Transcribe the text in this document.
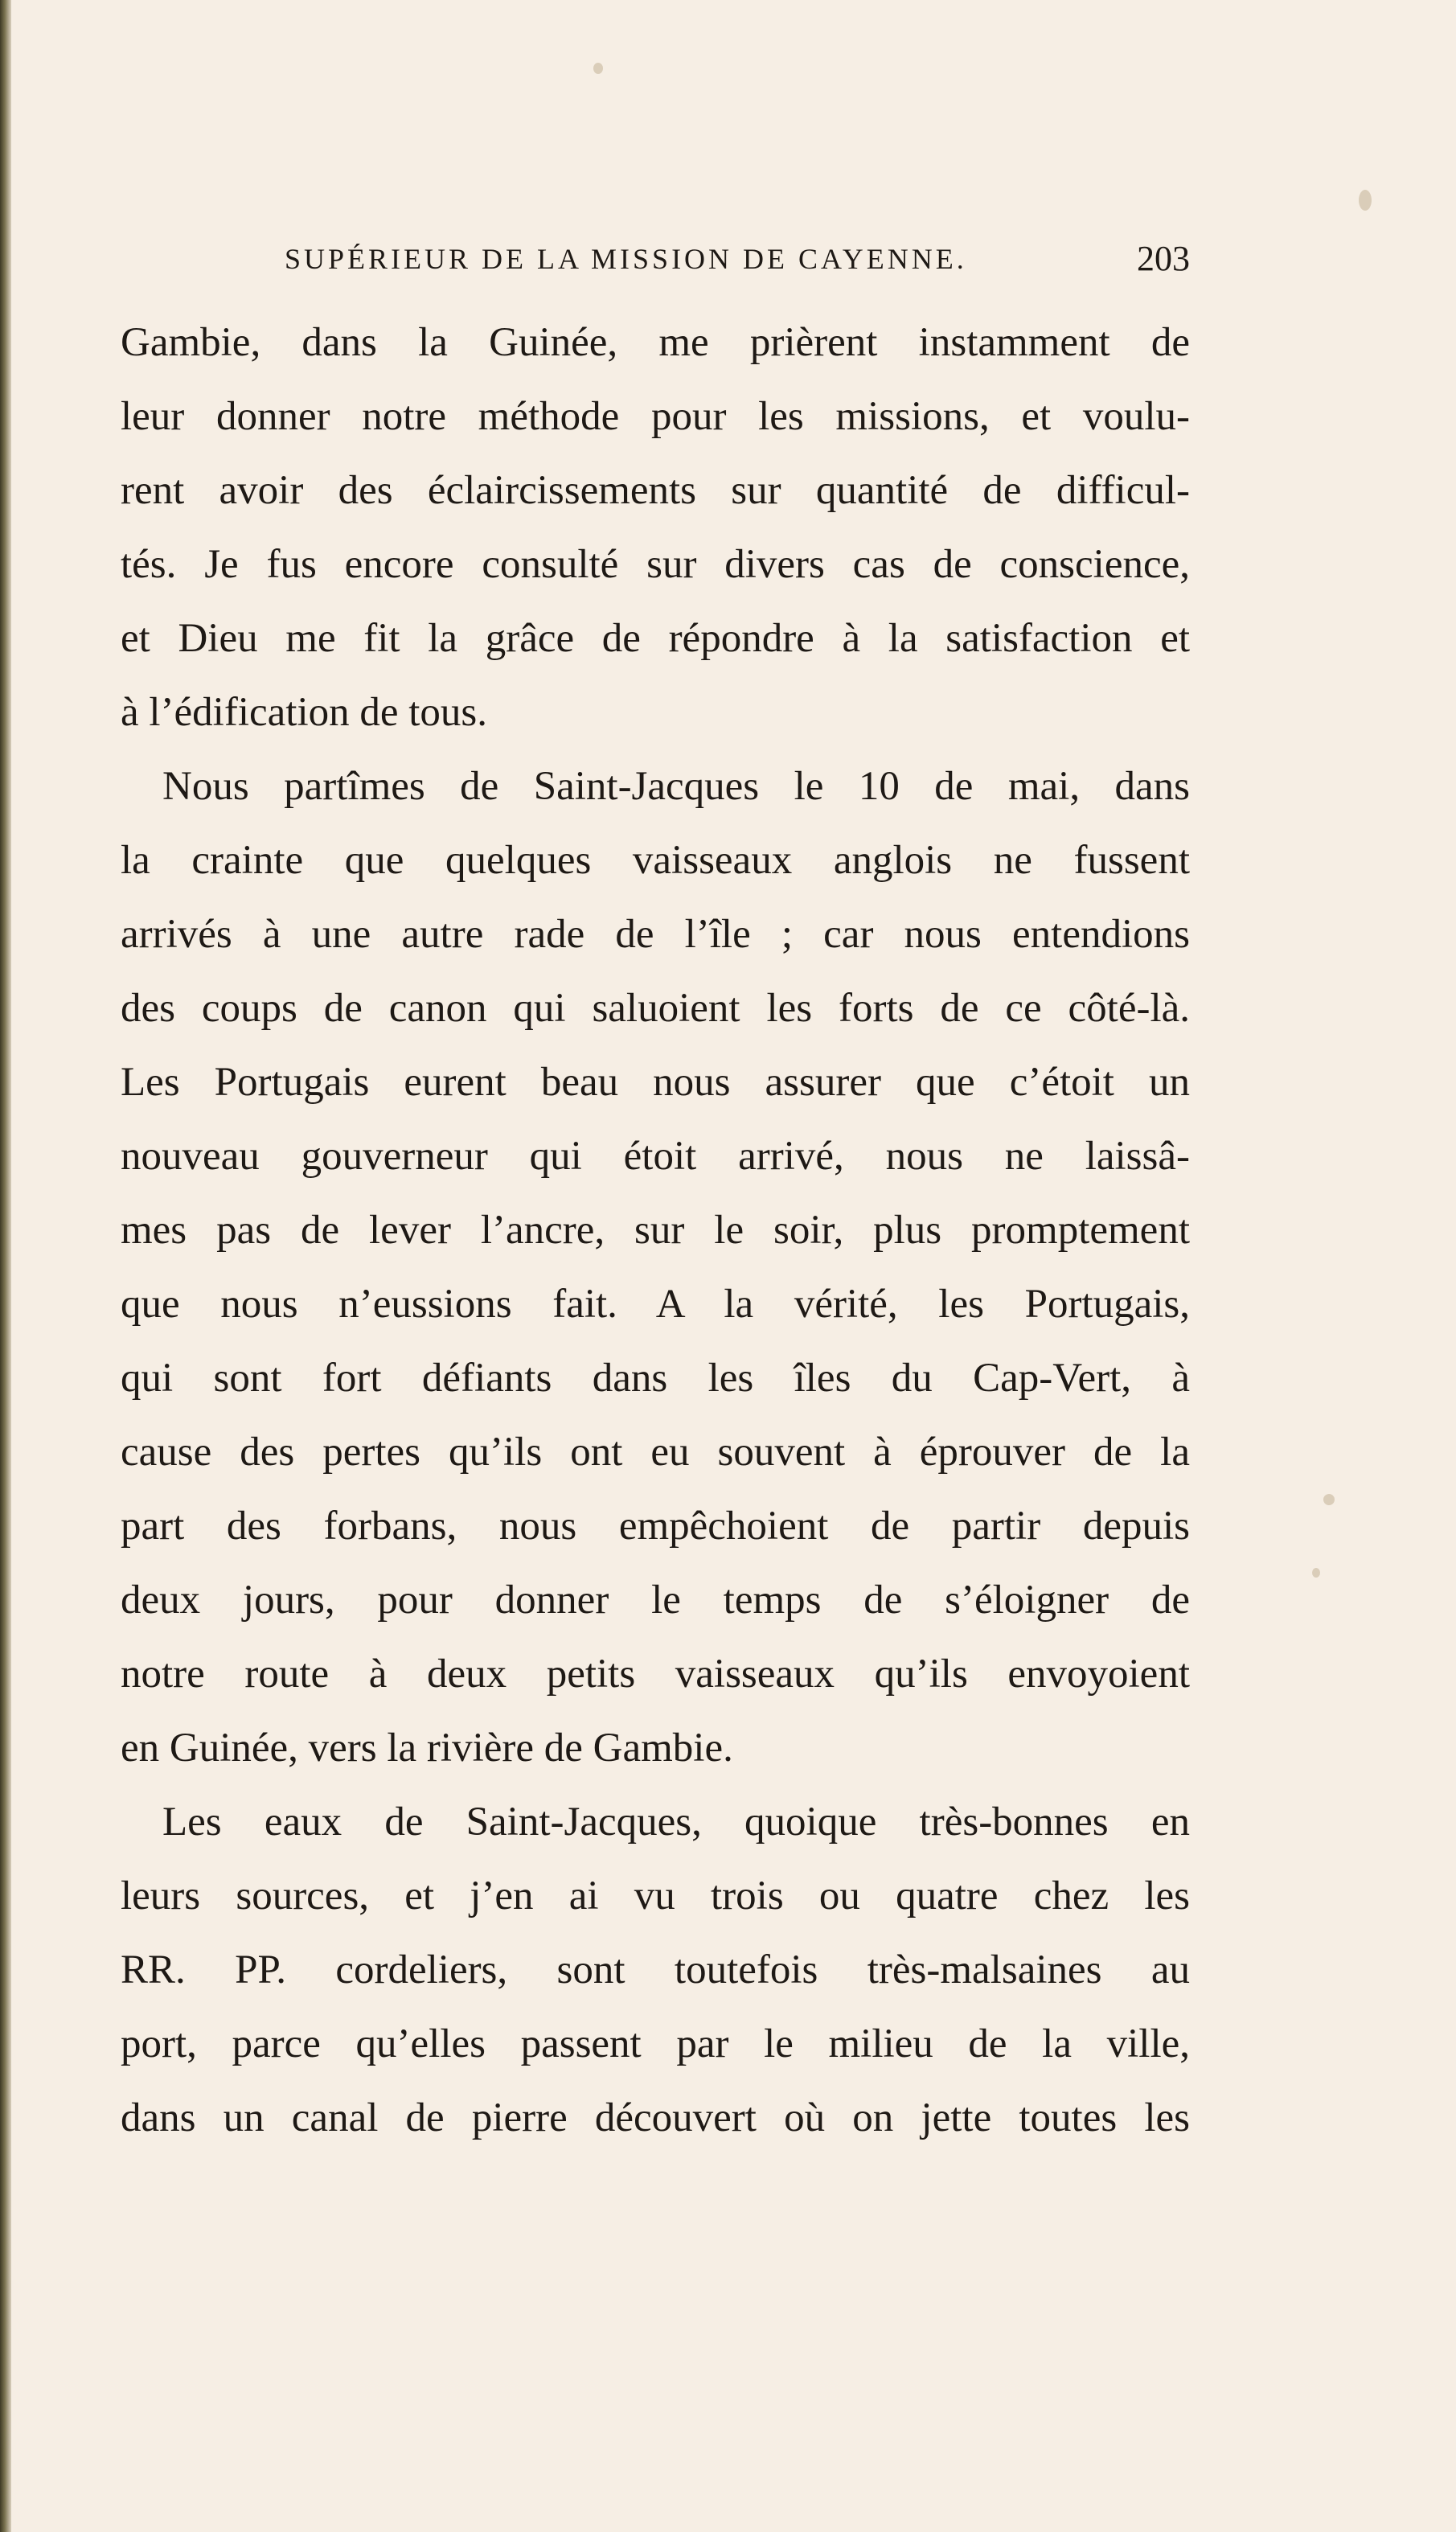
SUPÉRIEUR DE LA MISSION DE CAYENNE.	203
Gambie, dans la Guinée, me prièrent instamment de
leur donner notre méthode pour les missions, et voulu-
rent avoir des éclaircissements sur quantité de difficul-
tés. Je fus encore consulté sur divers cas de conscience,
et Dieu me fit la grâce de répondre à la satisfaction et
à l’édification de tous.
Nous partîmes de Saint-Jacques le 10 de mai, dans
la crainte que quelques vaisseaux anglois ne fussent
arrivés à une autre rade de l’île ; car nous entendions
des coups de canon qui saluoient les forts de ce côté-là.
Les Portugais eurent beau nous assurer que c’étoit un
nouveau gouverneur qui étoit arrivé, nous ne laissâ-
mes pas de lever l’ancre, sur le soir, plus promptement
que nous n’eussions fait. A la vérité, les Portugais,
qui sont fort défiants dans les îles du Cap-Vert, à
cause des pertes qu’ils ont eu souvent à éprouver de la
part des forbans, nous empêchoient de partir depuis
deux jours, pour donner le temps de s’éloigner de
notre route à deux petits vaisseaux qu’ils envoyoient
en Guinée, vers la rivière de Gambie.
Les eaux de Saint-Jacques, quoique très-bonnes en
leurs sources, et j’en ai vu trois ou quatre chez les
RR. PP. cordeliers, sont toutefois très-malsaines au
port, parce qu’elles passent par le milieu de la ville,
dans un canal de pierre découvert où on jette toutes les
